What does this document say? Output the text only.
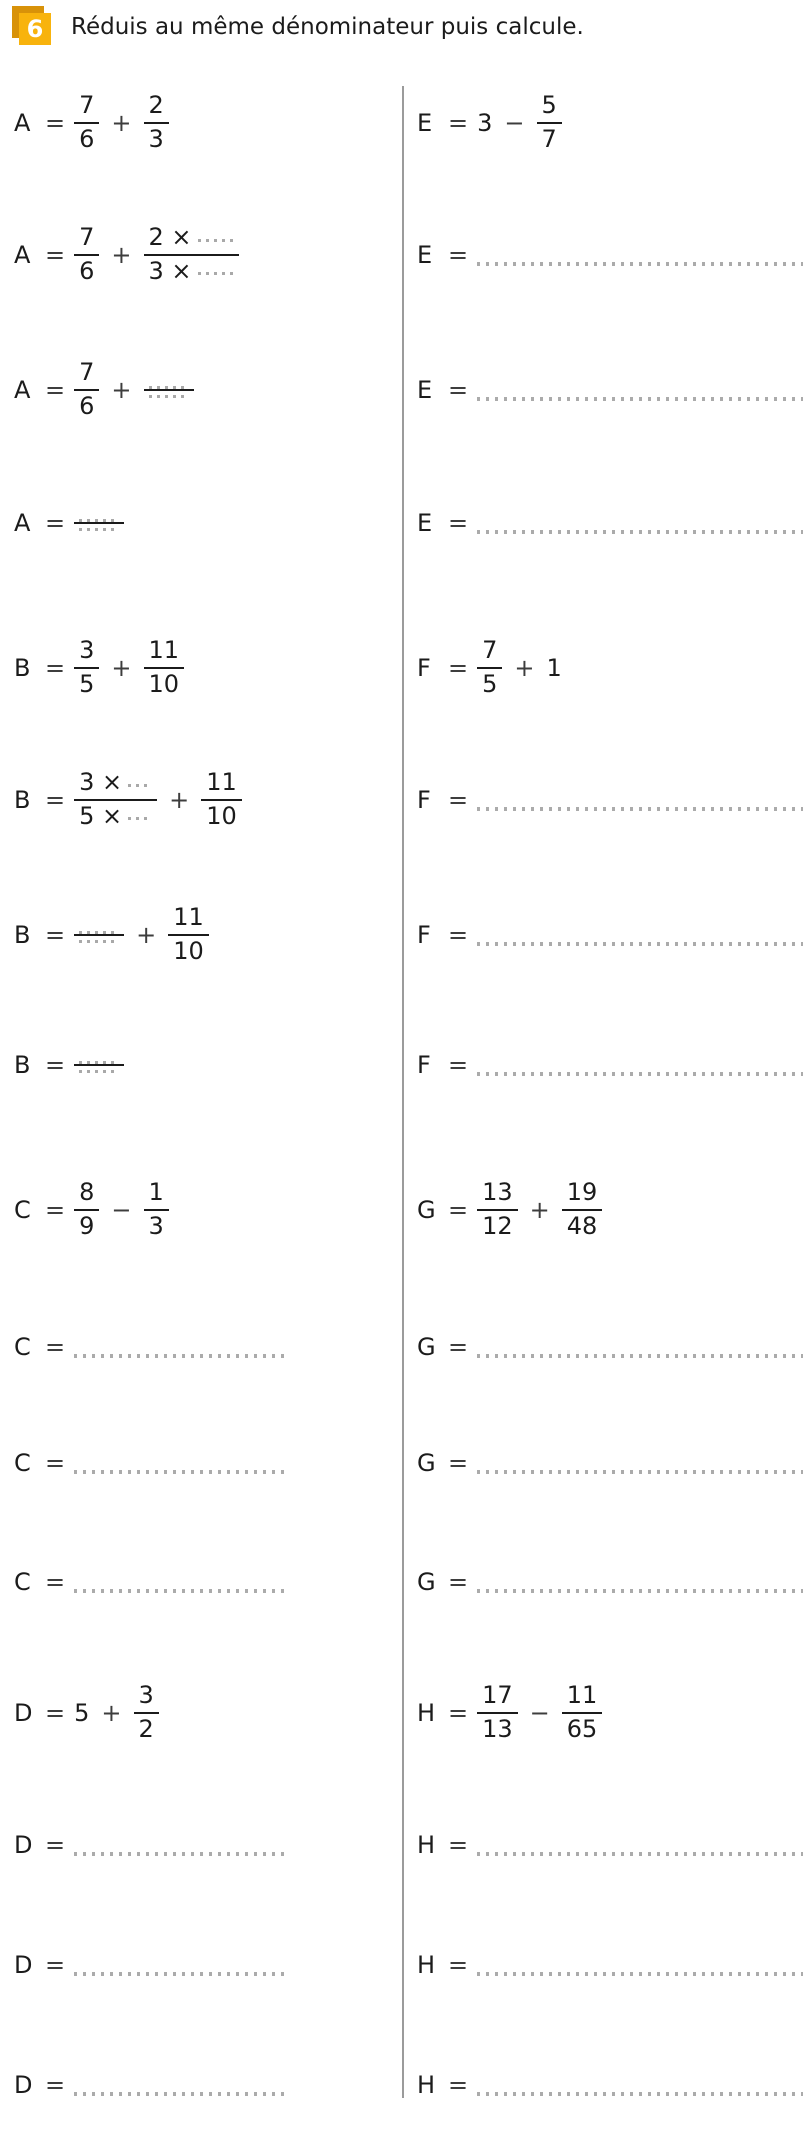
6 Réduis au même dénominateur puis calcule.
$A = \frac{7}{6} + \frac{2}{3}$
$A = \frac{7}{6} + \frac{2 \times}{3 \times}$
$A = \frac{7}{6}$ +
A =
$B = \frac{3}{5} + \frac{11}{10}$
$B = \frac{3 \times}{5 \times} + \frac{11}{10}$
B =	+ $\frac{11}{10}$
B =
$C = \frac{8}{9} - \frac{1}{3}$
C =
C =
C =
$D = 5 + \frac{3}{2}$
D =
D =
D =
$E = 3 - \frac{5}{7}$
E =
E =
E =
$F = \frac{7}{5} + 1$
F =
F =
F =
$G = \frac{13}{12} + \frac{19}{48}$
G =
G =
G =
$H = \frac{17}{13} - \frac{11}{65}$
H =
H =
H =
